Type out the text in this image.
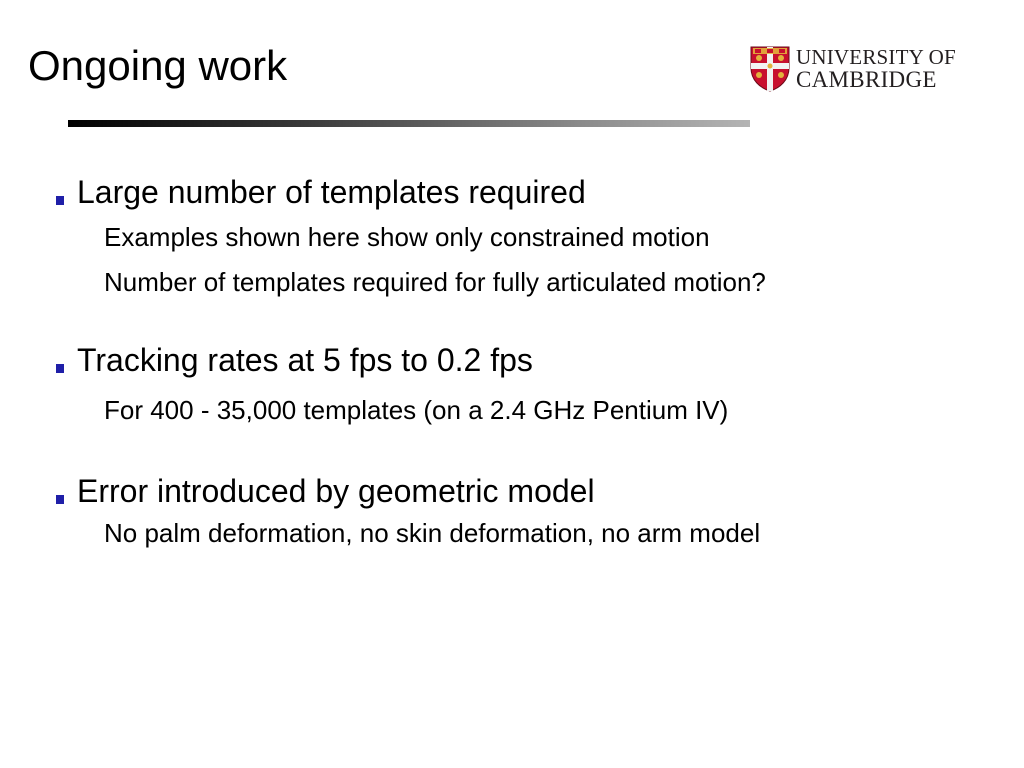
Ongoing work	UNIVERSITY OF
CAMBRIDGE
Large number of templates required
Examples shown here show only constrained motion
Number of templates required for fully articulated motion?
Tracking rates at 5 fps to 0.2 fps
For 400 - 35,000 templates (on a 2.4 GHz Pentium IV)
Error introduced by geometric model
No palm deformation, no skin deformation, no arm model
